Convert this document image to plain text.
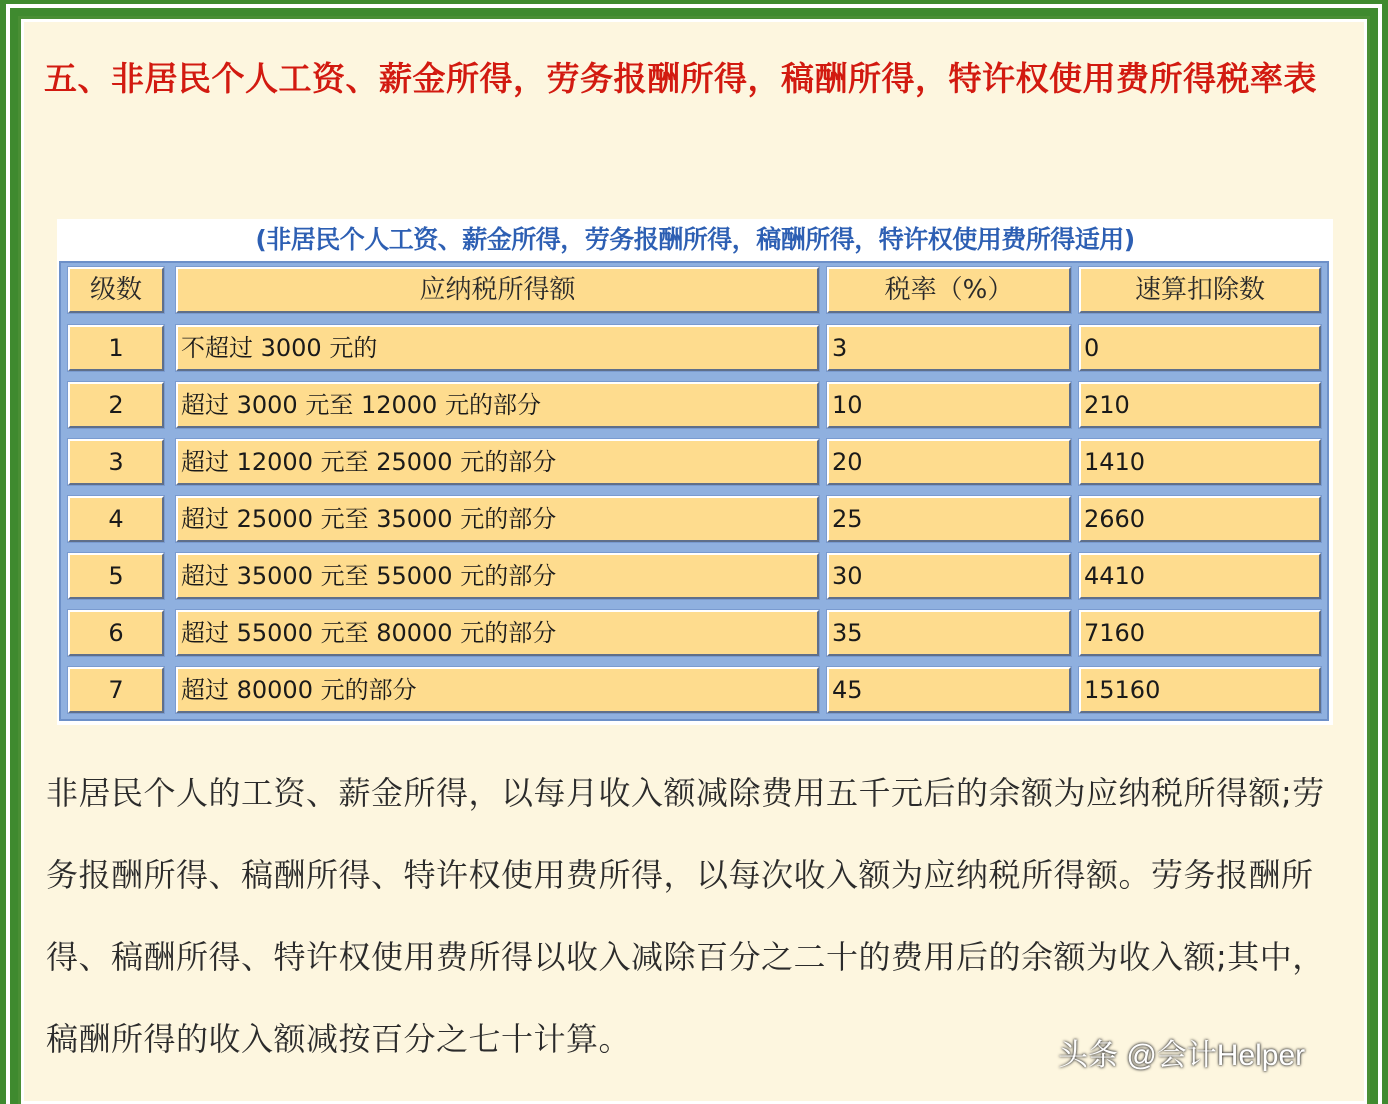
五、非居民个人工资、薪金所得，劳务报酬所得，稿酬所得，特许权使用费所得税率表
(非居民个人工资、薪金所得，劳务报酬所得，稿酬所得，特许权使用费所得适用)
级数	应纳税所得额	税率（%）	速算扣除数
1	不超过 3000 元的	3	0
2	超过 3000 元至 12000 元的部分	10	210
3	超过 12000 元至 25000 元的部分	20	1410
4	超过 25000 元至 35000 元的部分	25	2660
5	超过 35000 元至 55000 元的部分	30	4410
6	超过 55000 元至 80000 元的部分	35	7160
7	超过 80000 元的部分	45	15160
非居民个人的工资、薪金所得，以每月收入额减除费用五千元后的余额为应纳税所得额;劳务报酬所得、稿酬所得、特许权使用费所得，以每次收入额为应纳税所得额。劳务报酬所得、稿酬所得、特许权使用费所得以收入减除百分之二十的费用后的余额为收入额;其中，稿酬所得的收入额减按百分之七十计算。	头条 @会计Helper
